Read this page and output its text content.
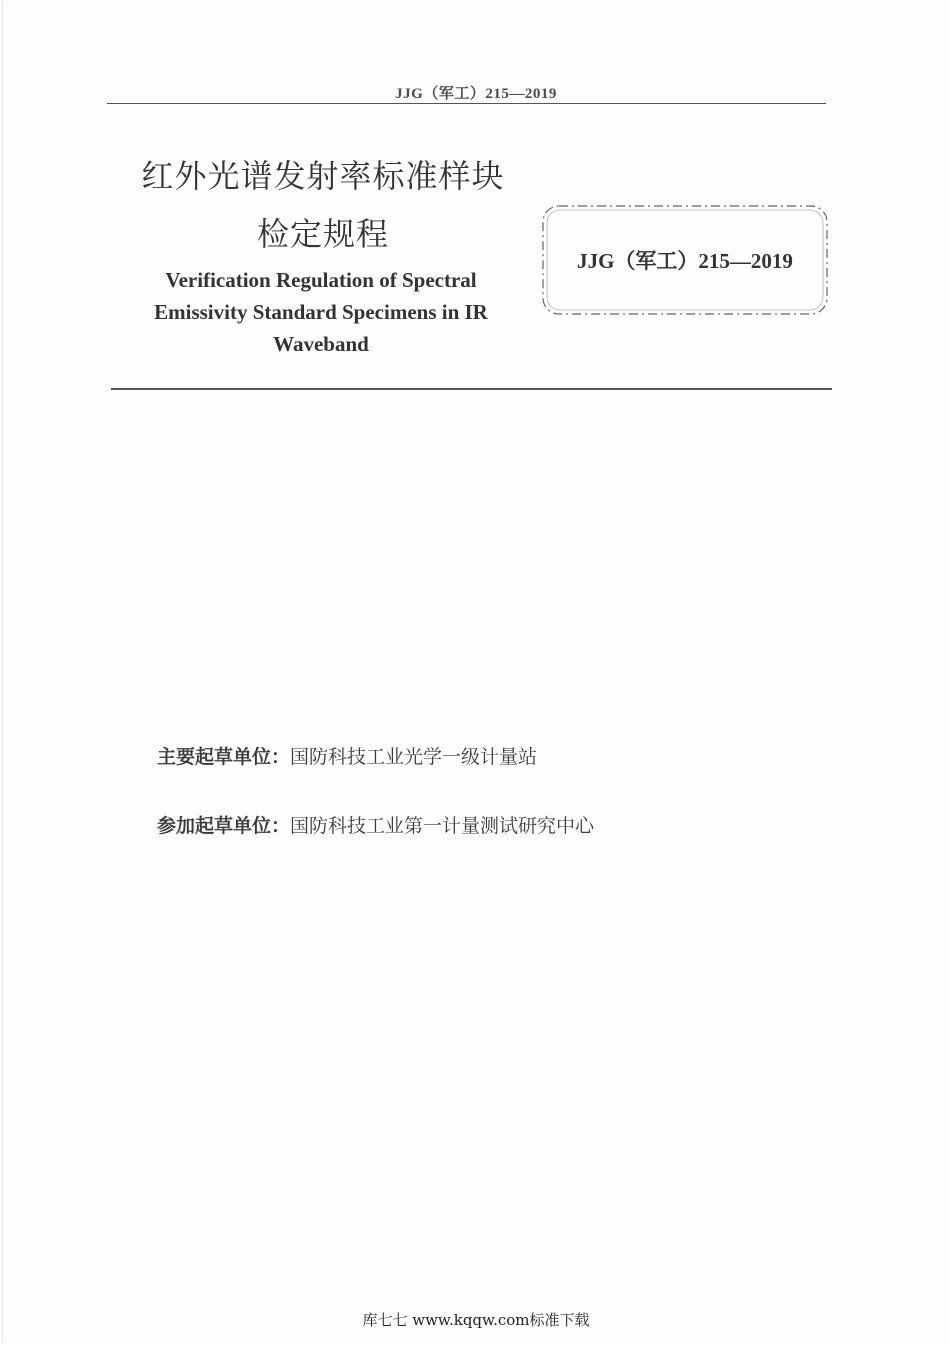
JJG（军工）215—2019
红外光谱发射率标准样块
检定规程
Verification Regulation of Spectral
Emissivity Standard Specimens in IR
Waveband
JJG（军工）215—2019
主要起草单位：国防科技工业光学一级计量站
参加起草单位：国防科技工业第一计量测试研究中心
库七七 www.kqqw.com标准下载
